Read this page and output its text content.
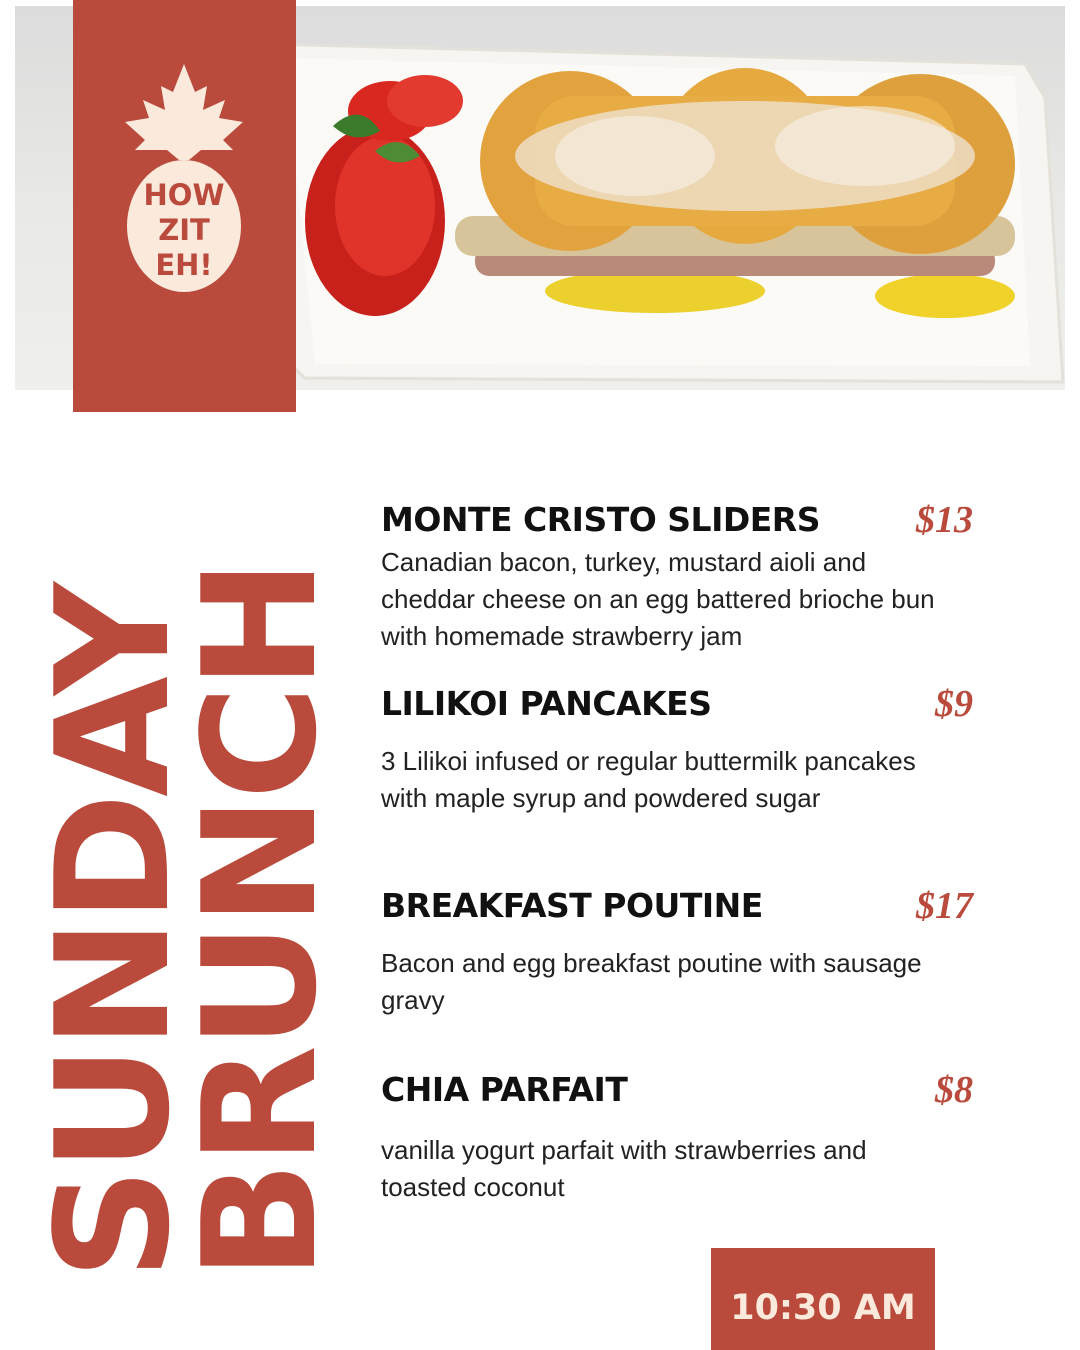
HOW
ZIT
EH!
SUNDAY
BRUNCH
MONTE CRISTO SLIDERS	$13
Canadian bacon, turkey, mustard aioli and cheddar cheese on an egg battered brioche bun with homemade strawberry jam
LILIKOI PANCAKES	$9
3 Lilikoi infused or regular buttermilk pancakes with maple syrup and powdered sugar
BREAKFAST POUTINE	$17
Bacon and egg breakfast poutine with sausage gravy
CHIA PARFAIT	$8
vanilla yogurt parfait with strawberries and toasted coconut
10:30 AM
